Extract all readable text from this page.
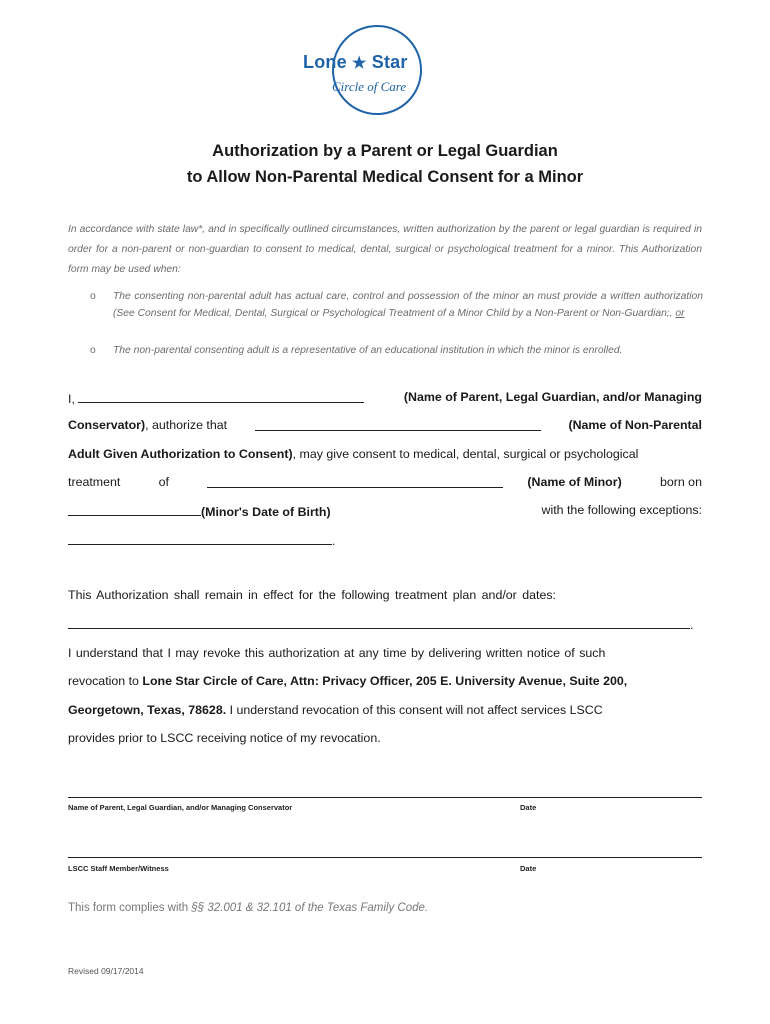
Lone ★ Star
Circle of Care
Authorization by a Parent or Legal Guardian
to Allow Non-Parental Medical Consent for a Minor
In accordance with state law*, and in specifically outlined circumstances, written authorization by the parent or legal guardian is required in order for a non-parent or non-guardian to consent to medical, dental, surgical or psychological treatment for a minor. This Authorization form may be used when:
o The consenting non-parental adult has actual care, control and possession of the minor an must provide a written authorization (See Consent for Medical, Dental, Surgical or Psychological Treatment of a Minor Child by a Non-Parent or Non-Guardian;, or
o The non-parental consenting adult is a representative of an educational institution in which the minor is enrolled.
I,	(Name of Parent, Legal Guardian, and/or Managing
Conservator), authorize that	(Name of Non-Parental
Adult Given Authorization to Consent), may give consent to medical, dental, surgical or psychological
treatment	of	(Name of Minor)	born on
(Minor's Date of Birth)	with the following exceptions:
.
This Authorization shall remain in effect for the following treatment plan and/or dates:
.
I understand that I may revoke this authorization at any time by delivering written notice of such
revocation to Lone Star Circle of Care, Attn: Privacy Officer, 205 E. University Avenue, Suite 200,
Georgetown, Texas, 78628. I understand revocation of this consent will not affect services LSCC
provides prior to LSCC receiving notice of my revocation.
Name of Parent, Legal Guardian, and/or Managing Conservator	Date
LSCC Staff Member/Witness	Date
This form complies with §§ 32.001 & 32.101 of the Texas Family Code.
Revised 09/17/2014
